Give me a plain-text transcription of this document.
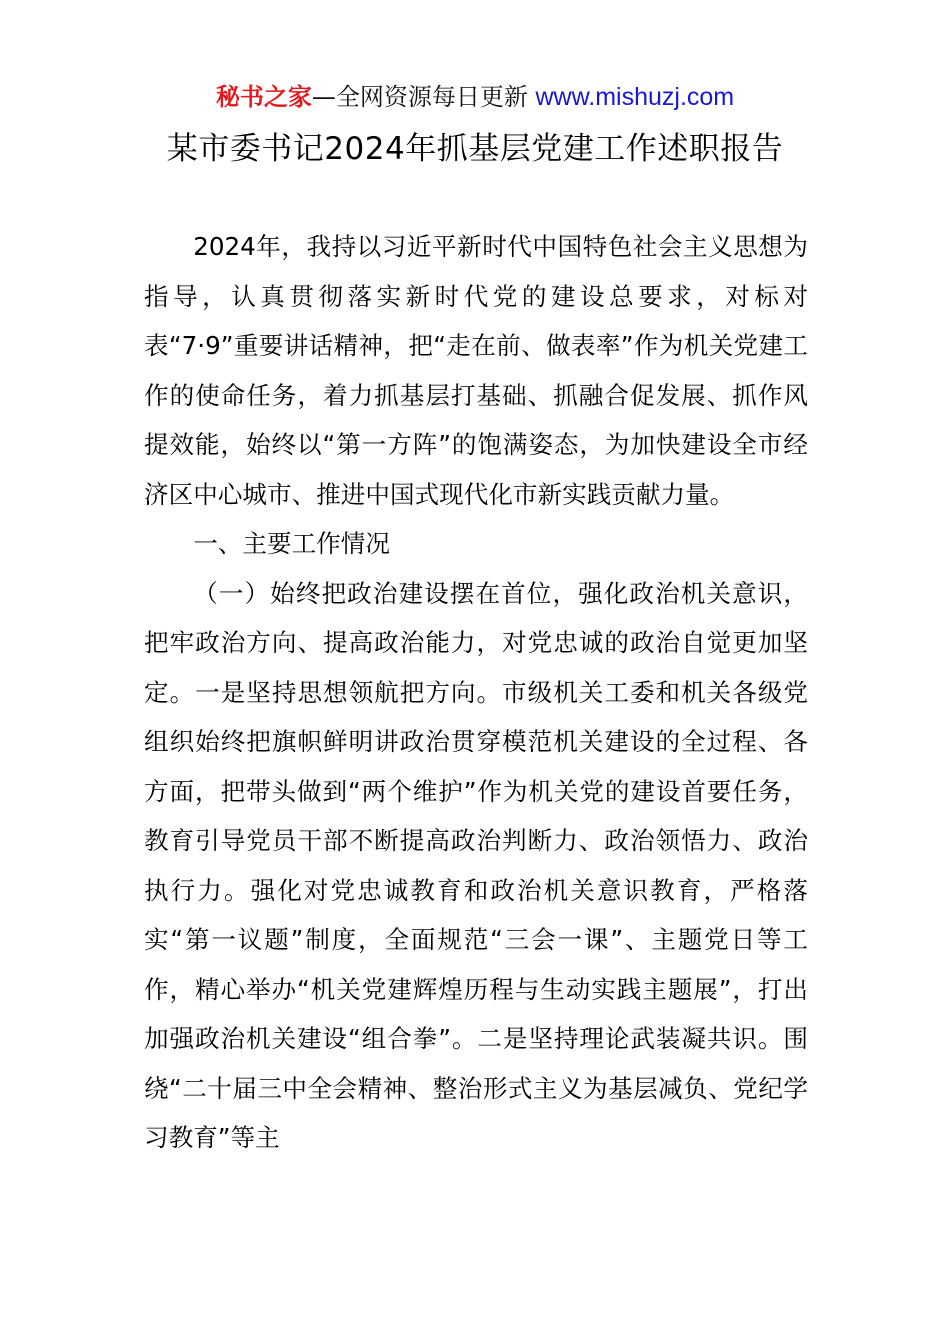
秘书之家—全网资源每日更新 www.mishuzj.com
某市委书记2024年抓基层党建工作述职报告

2024年，我持以习近平新时代中国特色社会主义思想为指导，认真贯彻落实新时代党的建设总要求，对标对表“7·9”重要讲话精神，把“走在前、做表率”作为机关党建工作的使命任务，着力抓基层打基础、抓融合促发展、抓作风提效能，始终以“第一方阵”的饱满姿态，为加快建设全市经济区中心城市、推进中国式现代化市新实践贡献力量。

一、主要工作情况

（一）始终把政治建设摆在首位，强化政治机关意识，把牢政治方向、提高政治能力，对党忠诚的政治自觉更加坚定。一是坚持思想领航把方向。市级机关工委和机关各级党组织始终把旗帜鲜明讲政治贯穿模范机关建设的全过程、各方面，把带头做到“两个维护”作为机关党的建设首要任务，教育引导党员干部不断提高政治判断力、政治领悟力、政治执行力。强化对党忠诚教育和政治机关意识教育，严格落实“第一议题”制度，全面规范“三会一课”、主题党日等工作，精心举办“机关党建辉煌历程与生动实践主题展”，打出加强政治机关建设“组合拳”。二是坚持理论武装凝共识。围绕“二十届三中全会精神、整治形式主义为基层减负、党纪学习教育”等主
